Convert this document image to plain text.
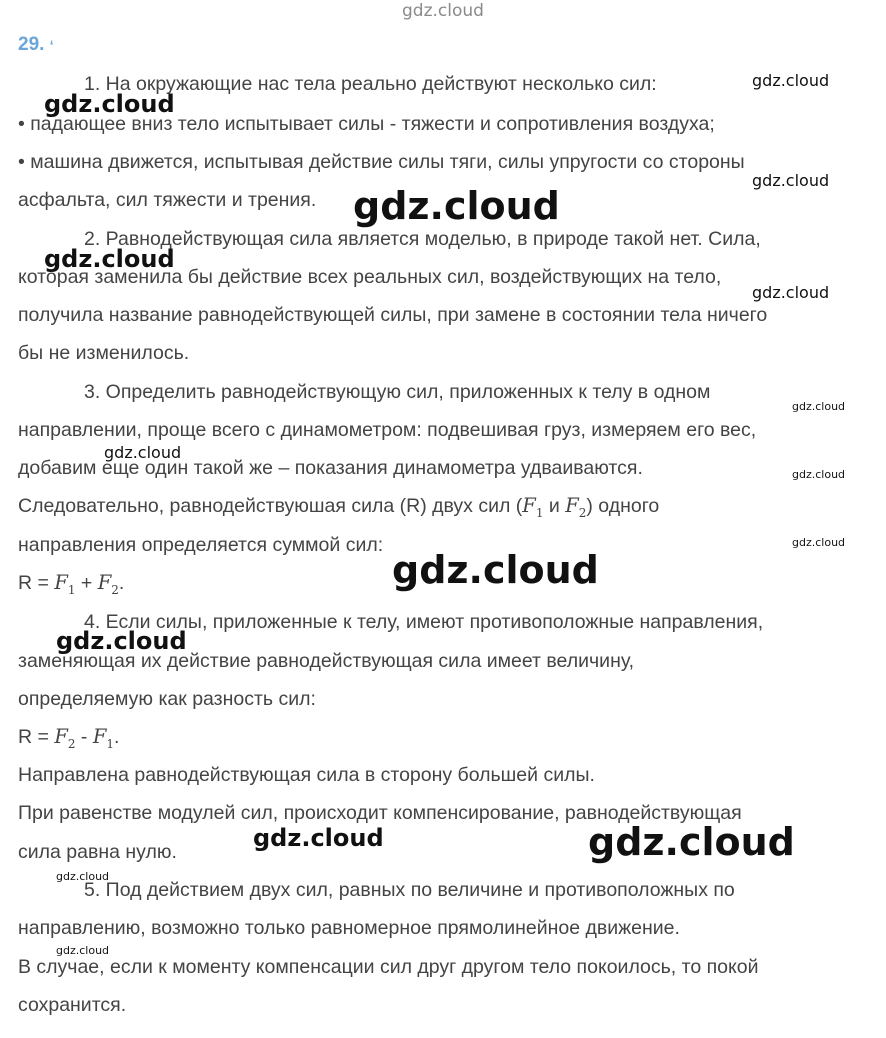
gdz.cloud
29. ʻ
1. На окружающие нас тела реально действуют несколько сил:
• падающее вниз тело испытывает силы - тяжести и сопротивления воздуха;
• машина движется, испытывая действие силы тяги, силы упругости со стороны
асфальта, сил тяжести и трения.
2. Равнодействующая сила является моделью, в природе такой нет. Сила,
которая заменила бы действие всех реальных сил, воздействующих на тело,
получила название равнодействующей силы, при замене в состоянии тела ничего
бы не изменилось.
3. Определить равнодействующую сил, приложенных к телу в одном
направлении, проще всего с динамометром: подвешивая груз, измеряем его вес,
добавим еще один такой же – показания динамометра удваиваются.
Следовательно, равнодействуюшая сила (R) двух сил ($F_1$ и $F_2$) одного
направления определяется суммой сил:
$R = F_1 + F_2$.
4. Если силы, приложенные к телу, имеют противоположные направления,
заменяющая их действие равнодействующая сила имеет величину,
определяемую как разность сил:
$R = F_2 - F_1$.
Направлена равнодействующая сила в сторону большей силы.
При равенстве модулей сил, происходит компенсирование, равнодействующая
сила равна нулю.
5. Под действием двух сил, равных по величине и противоположных по
направлению, возможно только равномерное прямолинейное движение.
В случае, если к моменту компенсации сил друг другом тело покоилось, то покой
сохранится.
gdz.cloud
gdz.cloud
gdz.cloud
gdz.cloud
gdz.cloud
gdz.cloud
gdz.cloud
gdz.cloud
gdz.cloud
gdz.cloud
gdz.cloud
gdz.cloud
gdz.cloud	gdz.cloud
gdz.cloud
gdz.cloud
